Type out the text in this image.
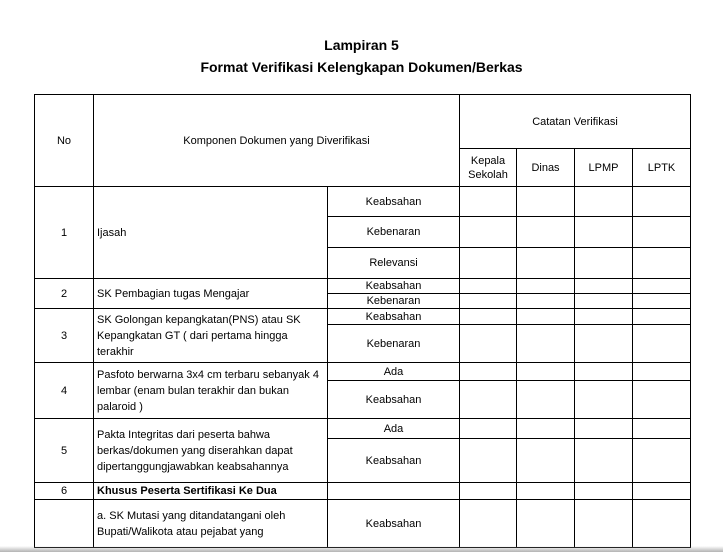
Lampiran 5
Format Verifikasi Kelengkapan Dokumen/Berkas
No	Komponen Dokumen yang Diverifikasi		Catatan Verifikasi			
			Kepala Sekolah	Dinas	LPMP	LPTK
1	Ijasah	Keabsahan				
		Kebenaran				
		Relevansi				
2	SK Pembagian tugas Mengajar	Keabsahan				
		Kebenaran				
3	SK Golongan kepangkatan(PNS) atau SK Kepangkatan GT ( dari pertama hingga terakhir	Keabsahan				
		Kebenaran				
4	Pasfoto berwarna 3x4 cm terbaru sebanyak 4 lembar (enam bulan terakhir dan bukan palaroid )	Ada				
		Keabsahan				
5	Pakta Integritas dari peserta bahwa berkas/dokumen yang diserahkan dapat dipertanggungjawabkan keabsahannya	Ada				
		Keabsahan				
6	Khusus Peserta Sertifikasi Ke Dua					
	a. SK Mutasi yang ditandatangani oleh Bupati/Walikota atau pejabat yang	Keabsahan				
